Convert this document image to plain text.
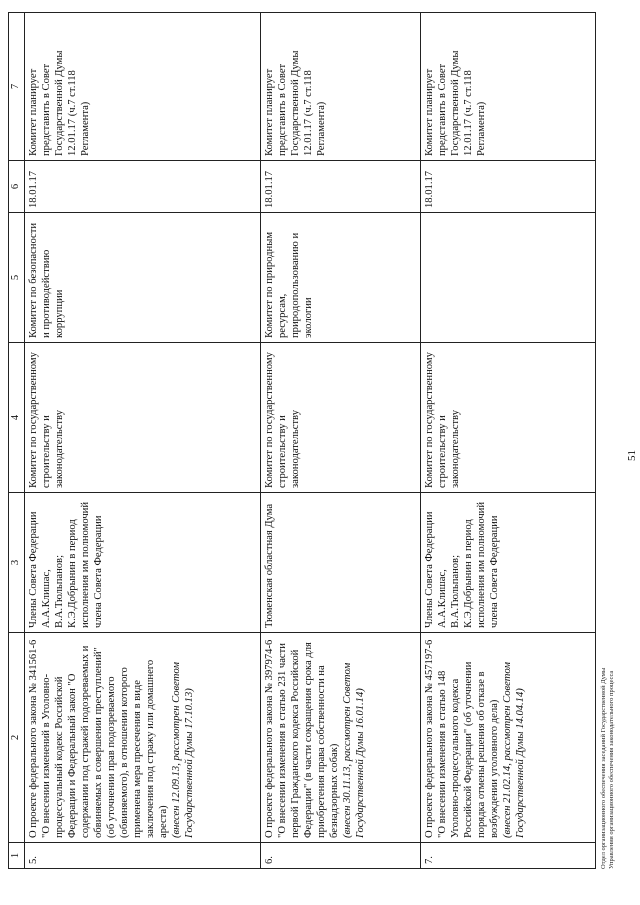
51
1	2	3	4	5	6	7
5.	О проекте федерального закона № 341561-6 "О внесении изменений в Уголовно-процессуальный кодекс Российской Федерации и Федеральный закон "О содержании под стражей подозреваемых и обвиняемых в совершении преступлений" (об уточнении прав подозреваемого (обвиняемого), в отношении которого применена мера пресечения в виде заключения под стражу или домашнего ареста) (внесен 12.09.13, рассмотрен Советом Государственной Думы 17.10.13)	Члены Совета Федерации А.А.Клишас, В.А.Тюльпанов; К.Э.Добрынин в период исполнения им полномочий члена Совета Федерации	Комитет по государственному строительству и законодательству	Комитет по безопасности и противодействию коррупции	18.01.17	Комитет планирует представить в Совет Государственной Думы 12.01.17 (ч.7 ст.118 Регламента)
6.	О проекте федерального закона № 397974-6 "О внесении изменения в статью 231 части первой Гражданского кодекса Российской Федерации" (в части сокращения срока для приобретения права собственности на безнадзорных собак) (внесен 30.11.13, рассмотрен Советом Государственной Думы 16.01.14)	Тюменская областная Дума	Комитет по государственному строительству и законодательству	Комитет по природным ресурсам, природопользованию и экологии	18.01.17	Комитет планирует представить в Совет Государственной Думы 12.01.17 (ч.7 ст.118 Регламента)
7.	О проекте федерального закона № 457197-6 "О внесении изменения в статью 148 Уголовно-процессуального кодекса Российской Федерации" (об уточнении порядка отмены решения об отказе в возбуждении уголовного дела) (внесен 21.02.14, рассмотрен Советом Государственной Думы 14.04.14)	Члены Совета Федерации А.А.Клишас, В.А.Тюльпанов; К.Э.Добрынин в период исполнения им полномочий члена Совета Федерации	Комитет по государственному строительству и законодательству		18.01.17	Комитет планирует представить в Совет Государственной Думы 12.01.17 (ч.7 ст.118 Регламента)
Отдел организационного обеспечения заседаний Государственной Думы Управления организационного обеспечения законодательного процесса
